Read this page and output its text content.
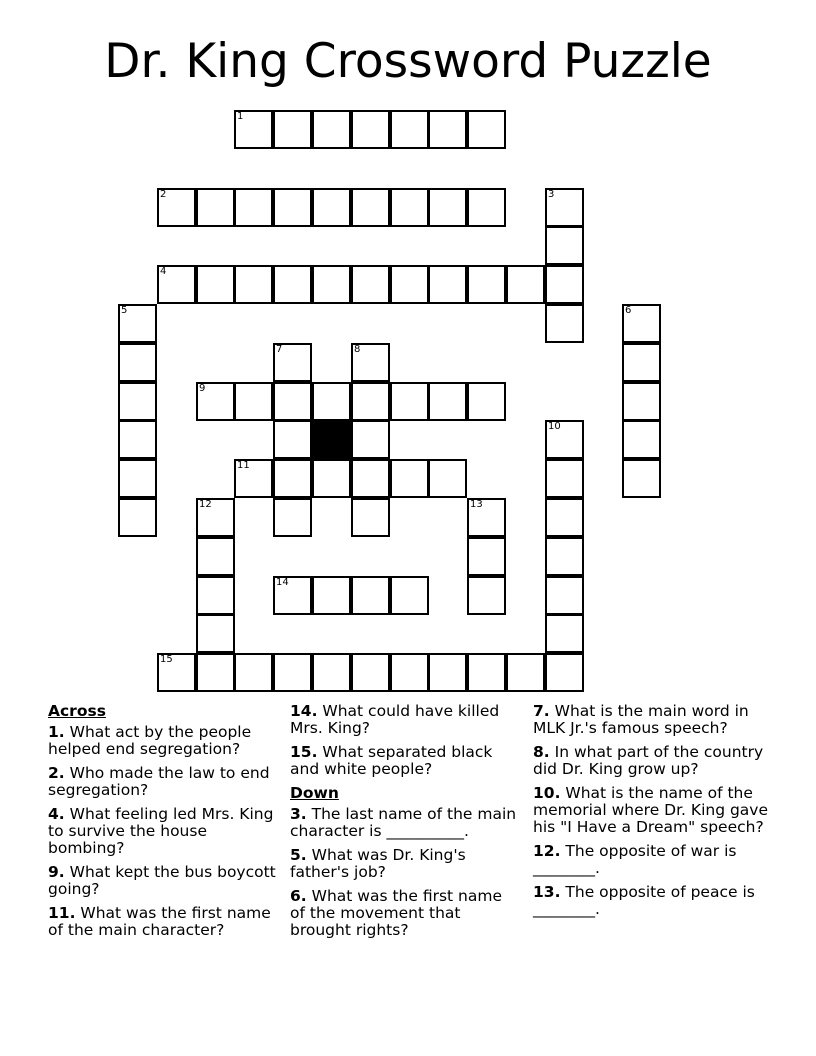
Dr. King Crossword Puzzle
1
2	3
4
5	6
7	8
9
10
11
12	13
14
15
Across
1. What act by the people helped end segregation?
2. Who made the law to end segregation?
4. What feeling led Mrs. King to survive the house bombing?
9. What kept the bus boycott going?
11. What was the first name of the main character?
14. What could have killed Mrs. King?
15. What separated black and white people?
Down
3. The last name of the main character is __________.
5. What was Dr. King's father's job?
6. What was the first name of the movement that brought rights?
7. What is the main word in MLK Jr.'s famous speech?
8. In what part of the country did Dr. King grow up?
10. What is the name of the memorial where Dr. King gave his "I Have a Dream" speech?
12. The opposite of war is ________.
13. The opposite of peace is ________.
